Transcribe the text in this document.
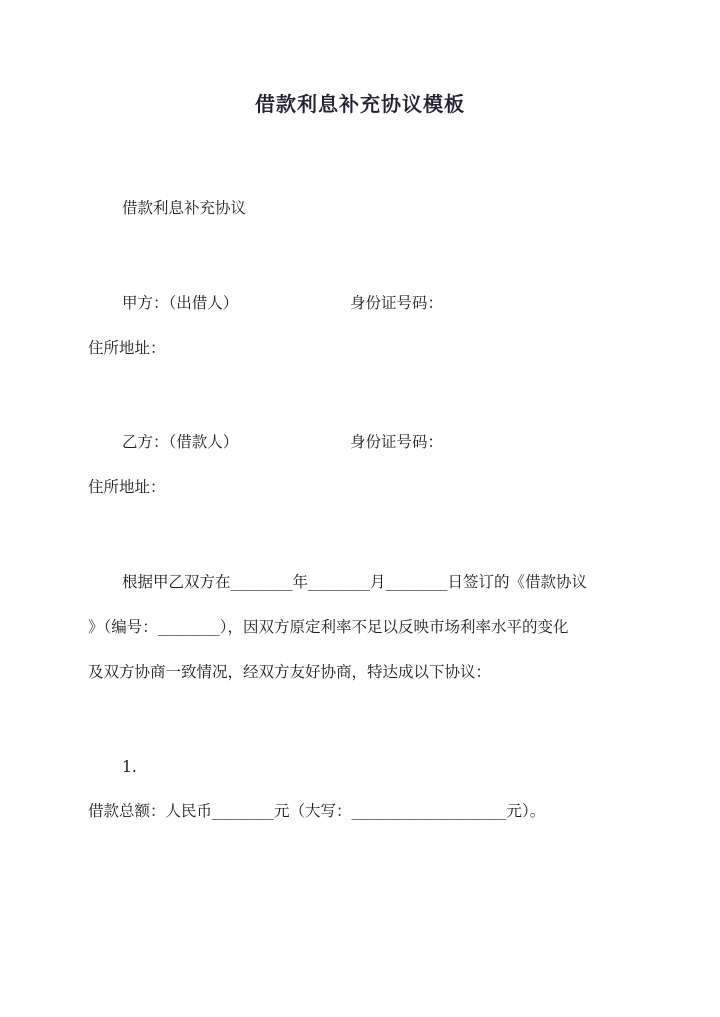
借款利息补充协议模板
借款利息补充协议
甲方：（出借人）	身份证号码：
住所地址：
乙方：（借款人）	身份证号码：
住所地址：
根据甲乙双方在________年________月________日签订的《借款协议
》（编号：________），因双方原定利率不足以反映市场利率水平的变化
及双方协商一致情况，经双方友好协商，特达成以下协议：
1.
借款总额：人民币________元（大写：____________________元）。
